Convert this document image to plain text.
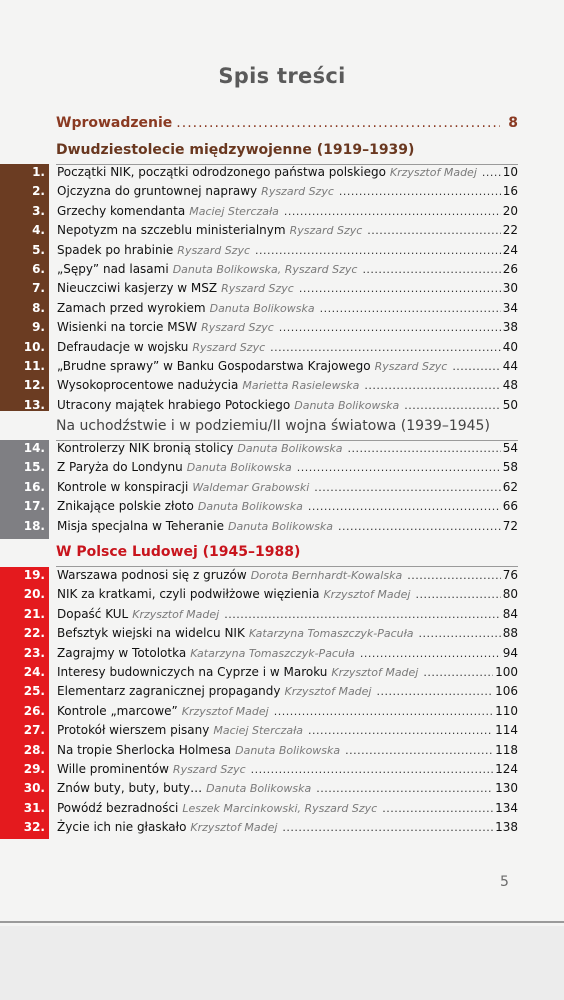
Spis treści
Wprowadzenie .....	8
Dwudziestolecie międzywojenne (1919–1939)
Na uchodźstwie i w podziemiu/II wojna światowa (1939–1945)
W Polsce Ludowej (1945–1988)
1.	Początki NIK, początki odrodzonego państwa polskiego Krzysztof Madej ..... 10
2.	Ojczyzna do gruntownej naprawy Ryszard Szyc .....	16
3.	Grzechy komendanta Maciej Sterczała .....	20
4.	Nepotyzm na szczeblu ministerialnym Ryszard Szyc .....	22
5.	Spadek po hrabinie Ryszard Szyc .....	24
6.	„Sępy” nad lasami Danuta Bolikowska, Ryszard Szyc .....	26
7.	Nieuczciwi kasjerzy w MSZ Ryszard Szyc .....	30
8.	Zamach przed wyrokiem Danuta Bolikowska .....	34
9.	Wisienki na torcie MSW Ryszard Szyc .....	38
10.	Defraudacje w wojsku Ryszard Szyc .....	40
11.	„Brudne sprawy” w Banku Gospodarstwa Krajowego Ryszard Szyc .....	44
12.	Wysokoprocentowe nadużycia Marietta Rasielewska .....	48
13.	Utracony majątek hrabiego Potockiego Danuta Bolikowska .....	50
14.	Kontrolerzy NIK bronią stolicy Danuta Bolikowska .....	54
15.	Z Paryża do Londynu Danuta Bolikowska .....	58
16.	Kontrole w konspiracji Waldemar Grabowski .....	62
17.	Znikające polskie złoto Danuta Bolikowska .....	66
18.	Misja specjalna w Teheranie Danuta Bolikowska .....	72
19.	Warszawa podnosi się z gruzów Dorota Bernhardt-Kowalska .....	76
20.	NIK za kratkami, czyli podwiłżowe więzienia Krzysztof Madej .....	80
21.	Dopaść KUL Krzysztof Madej .....	84
22.	Befsztyk wiejski na widelcu NIK Katarzyna Tomaszczyk-Pacuła .....	88
23.	Zagrajmy w Totolotka Katarzyna Tomaszczyk-Pacuła .....	94
24.	Interesy budowniczych na Cyprze i w Maroku Krzysztof Madej .....	100
25.	Elementarz zagranicznej propagandy Krzysztof Madej .....	106
26.	Kontrole „marcowe” Krzysztof Madej .....	110
27.	Protokół wierszem pisany Maciej Sterczała .....	114
28.	Na tropie Sherlocka Holmesa Danuta Bolikowska .....	118
29.	Wille prominentów Ryszard Szyc .....	124
30.	Znów buty, buty, buty… Danuta Bolikowska .....	130
31.	Powódź bezradności Leszek Marcinkowski, Ryszard Szyc .....	134
32.	Życie ich nie głaskało Krzysztof Madej .....	138
5
